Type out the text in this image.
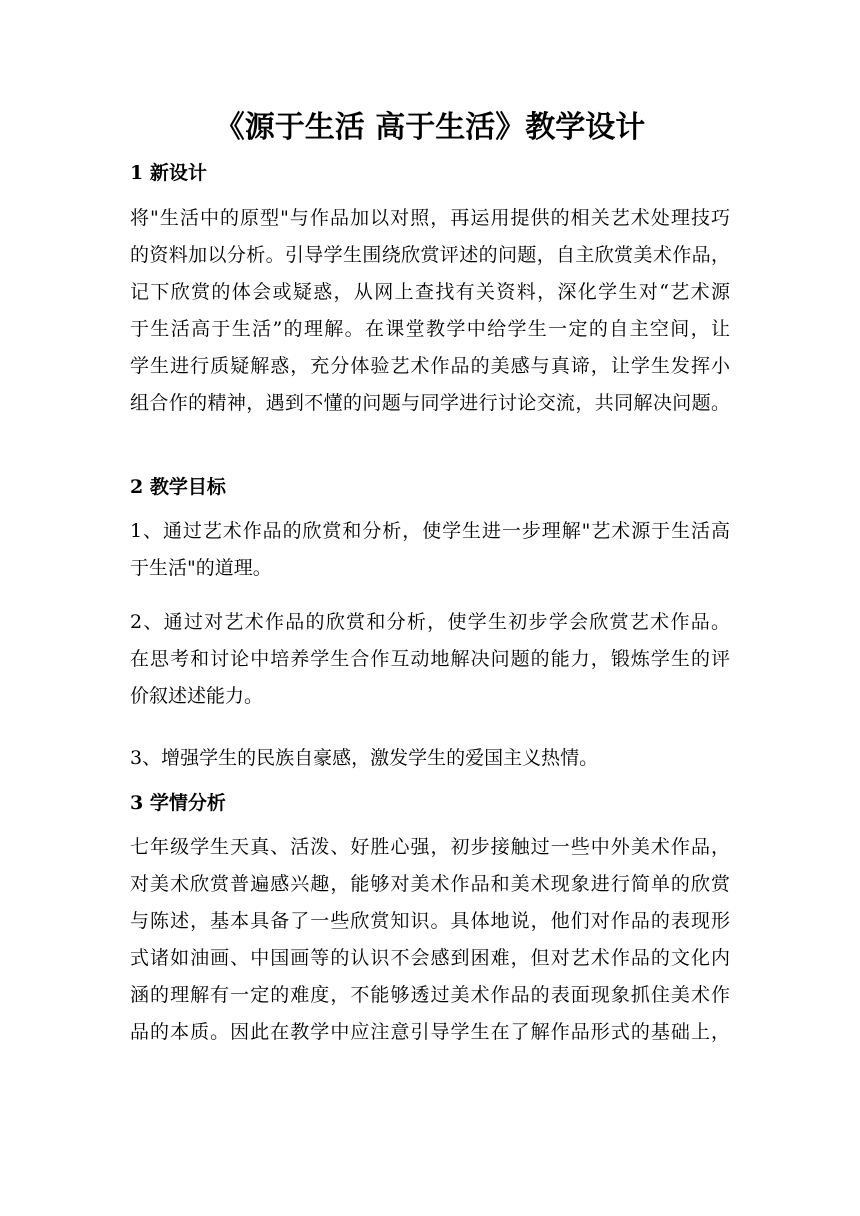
《源于生活 高于生活》教学设计
1 新设计
将"生活中的原型"与作品加以对照，再运用提供的相关艺术处理技巧
的资料加以分析。引导学生围绕欣赏评述的问题，自主欣赏美术作品，
记下欣赏的体会或疑惑，从网上查找有关资料，深化学生对“艺术源
于生活高于生活”的理解。在课堂教学中给学生一定的自主空间，让
学生进行质疑解惑，充分体验艺术作品的美感与真谛，让学生发挥小
组合作的精神，遇到不懂的问题与同学进行讨论交流，共同解决问题。
2 教学目标
1、通过艺术作品的欣赏和分析，使学生进一步理解"艺术源于生活高
于生活"的道理。
2、通过对艺术作品的欣赏和分析，使学生初步学会欣赏艺术作品。
在思考和讨论中培养学生合作互动地解决问题的能力，锻炼学生的评
价叙述述能力。
3、增强学生的民族自豪感，激发学生的爱国主义热情。
3 学情分析
七年级学生天真、活泼、好胜心强，初步接触过一些中外美术作品，
对美术欣赏普遍感兴趣，能够对美术作品和美术现象进行简单的欣赏
与陈述，基本具备了一些欣赏知识。具体地说，他们对作品的表现形
式诸如油画、中国画等的认识不会感到困难，但对艺术作品的文化内
涵的理解有一定的难度，不能够透过美术作品的表面现象抓住美术作
品的本质。因此在教学中应注意引导学生在了解作品形式的基础上，
